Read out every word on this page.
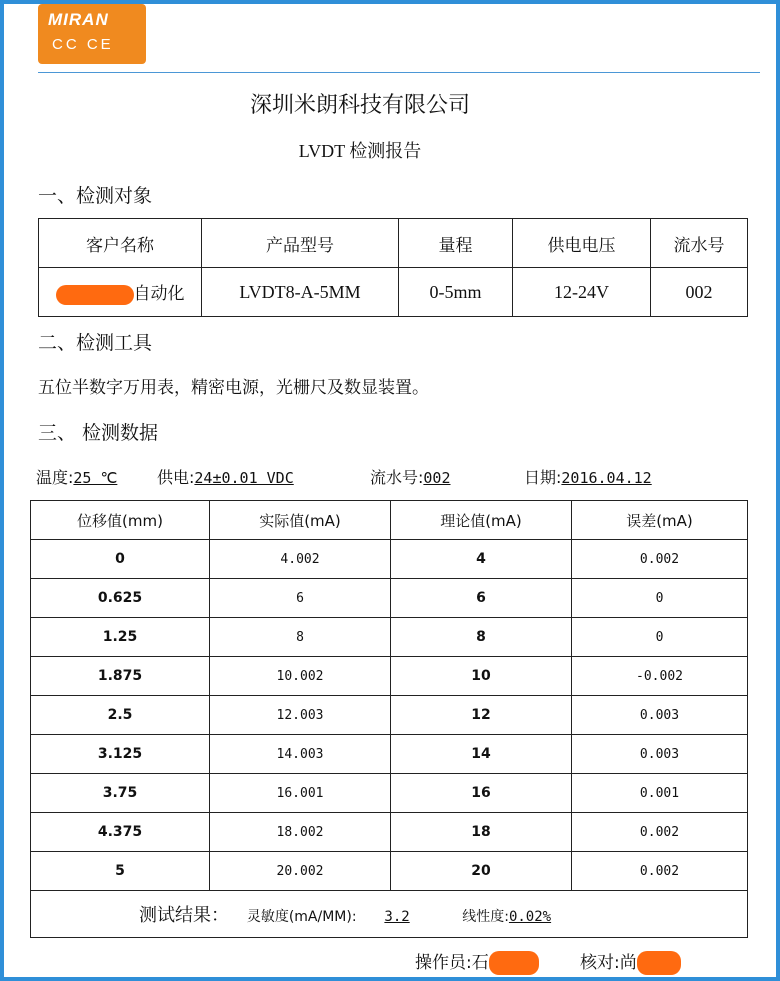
MIRAN
CC CE
深圳米朗科技有限公司
LVDT 检测报告
一、检测对象
客户名称	产品型号	量程	供电电压	流水号
自动化	LVDT8-A-5MM	0-5mm	12-24V	002
二、检测工具
五位半数字万用表，精密电源，光栅尺及数显装置。
三、 检测数据
温度:25 ℃ 供电:24±0.01 VDC	流水号:002	日期:2016.04.12
位移值(mm)	实际值(mA)	理论值(mA)	误差(mA)
0	4.002	4	0.002
0.625	6	6	0
1.25	8	8	0
1.875	10.002	10	-0.002
2.5	12.003	12	0.003
3.125	14.003	14	0.003
3.75	16.001	16	0.001
4.375	18.002	18	0.002
5	20.002	20	0.002
测试结果： 灵敏度(mA/MM): 3.2 线性度:0.02%			
操作员:石	核对:尚
